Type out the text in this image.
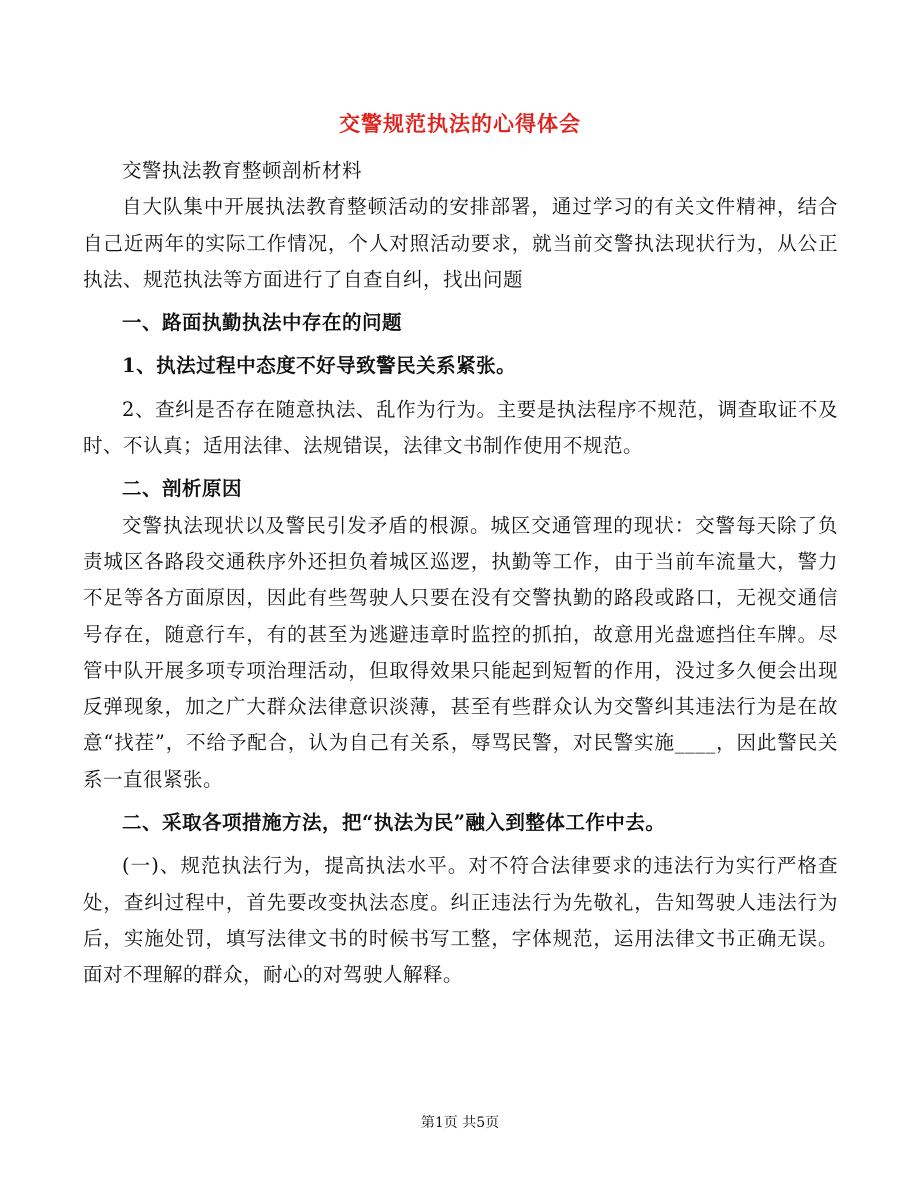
交警规范执法的心得体会

交警执法教育整顿剖析材料

自大队集中开展执法教育整顿活动的安排部署，通过学习的有关文件精神，结合自己近两年的实际工作情况，个人对照活动要求，就当前交警执法现状行为，从公正执法、规范执法等方面进行了自查自纠，找出问题

一、路面执勤执法中存在的问题

1、执法过程中态度不好导致警民关系紧张。

2、查纠是否存在随意执法、乱作为行为。主要是执法程序不规范，调查取证不及时、不认真；适用法律、法规错误，法律文书制作使用不规范。

二、剖析原因

交警执法现状以及警民引发矛盾的根源。城区交通管理的现状：交警每天除了负责城区各路段交通秩序外还担负着城区巡逻，执勤等工作，由于当前车流量大，警力不足等各方面原因，因此有些驾驶人只要在没有交警执勤的路段或路口，无视交通信号存在，随意行车，有的甚至为逃避违章时监控的抓拍，故意用光盘遮挡住车牌。尽管中队开展多项专项治理活动，但取得效果只能起到短暂的作用，没过多久便会出现反弹现象，加之广大群众法律意识淡薄，甚至有些群众认为交警纠其违法行为是在故意“找茬”，不给予配合，认为自己有关系，辱骂民警，对民警实施____，因此警民关系一直很紧张。

二、采取各项措施方法，把“执法为民”融入到整体工作中去。

(一)、规范执法行为，提高执法水平。对不符合法律要求的违法行为实行严格查处，查纠过程中，首先要改变执法态度。纠正违法行为先敬礼，告知驾驶人违法行为后，实施处罚，填写法律文书的时候书写工整，字体规范，运用法律文书正确无误。面对不理解的群众，耐心的对驾驶人解释。

第1页 共5页
